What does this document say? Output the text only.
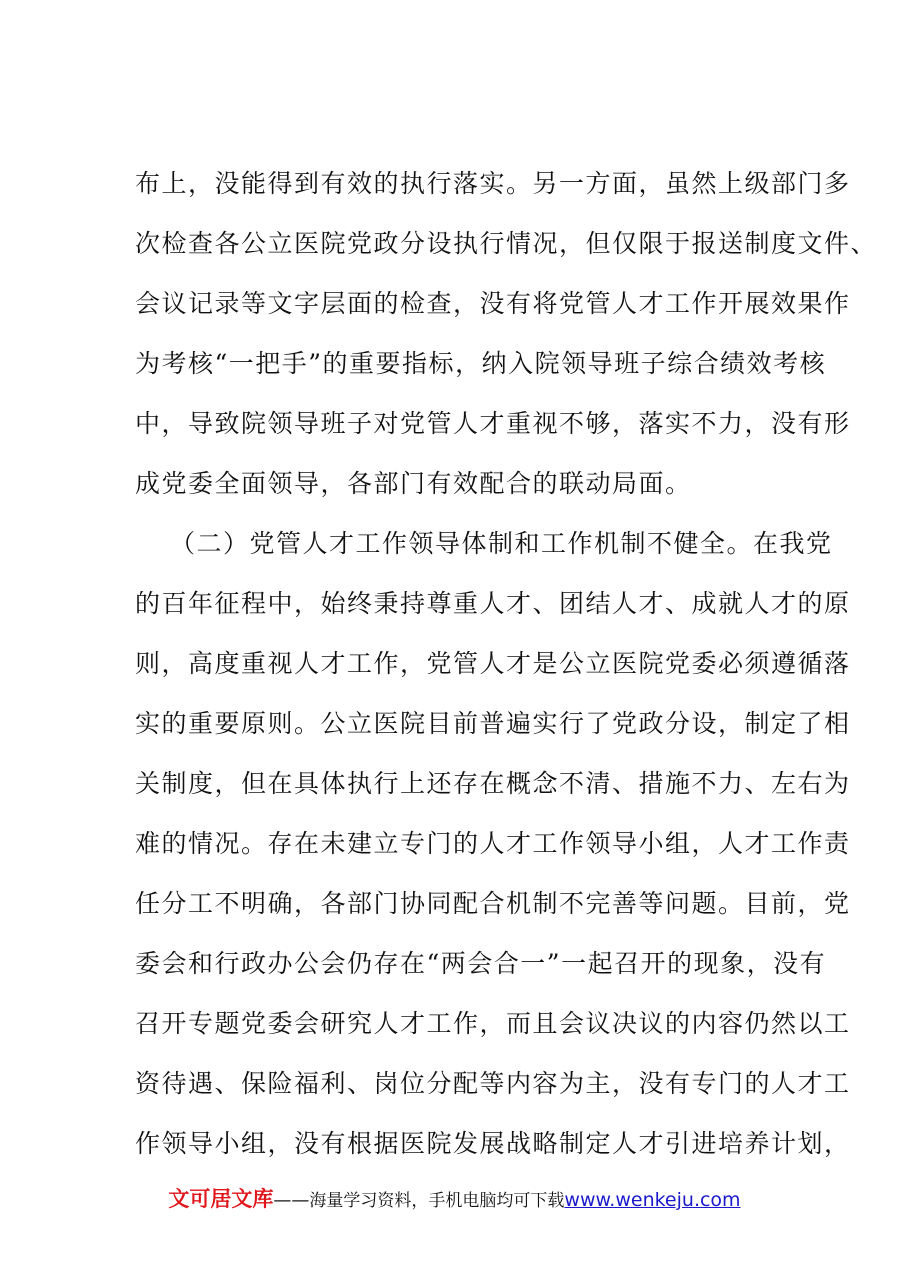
布上，没能得到有效的执行落实。另一方面，虽然上级部门多
次检查各公立医院党政分设执行情况，但仅限于报送制度文件、
会议记录等文字层面的检查，没有将党管人才工作开展效果作
为考核“一把手”的重要指标，纳入院领导班子综合绩效考核
中，导致院领导班子对党管人才重视不够，落实不力，没有形
成党委全面领导，各部门有效配合的联动局面。
（二）党管人才工作领导体制和工作机制不健全。在我党
的百年征程中，始终秉持尊重人才、团结人才、成就人才的原
则，高度重视人才工作，党管人才是公立医院党委必须遵循落
实的重要原则。公立医院目前普遍实行了党政分设，制定了相
关制度，但在具体执行上还存在概念不清、措施不力、左右为
难的情况。存在未建立专门的人才工作领导小组，人才工作责
任分工不明确，各部门协同配合机制不完善等问题。目前，党
委会和行政办公会仍存在“两会合一”一起召开的现象，没有
召开专题党委会研究人才工作，而且会议决议的内容仍然以工
资待遇、保险福利、岗位分配等内容为主，没有专门的人才工
作领导小组，没有根据医院发展战略制定人才引进培养计划，
文可居文库——海量学习资料，手机电脑均可下载www.wenkeju.com
